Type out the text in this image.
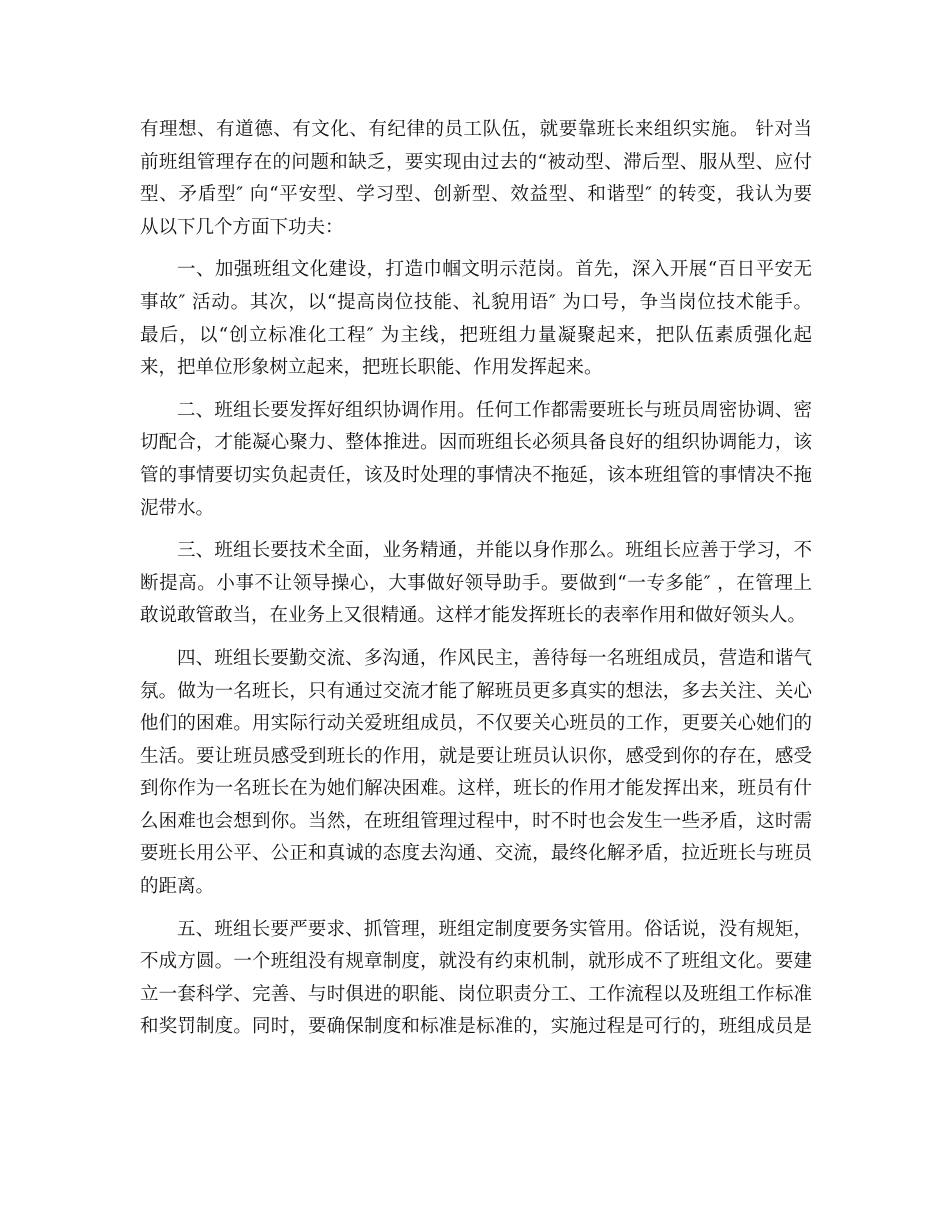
有理想、有道德、有文化、有纪律的员工队伍，就要靠班长来组织实施。 针对当
前班组管理存在的问题和缺乏，要实现由过去的“被动型、滞后型、服从型、应付
型、矛盾型″ 向“平安型、学习型、创新型、效益型、和谐型″ 的转变，我认为要
从以下几个方面下功夫：
一、加强班组文化建设，打造巾帼文明示范岗。首先，深入开展“百日平安无
事故″ 活动。其次，以“提高岗位技能、礼貌用语″ 为口号，争当岗位技术能手。
最后，以“创立标准化工程″ 为主线，把班组力量凝聚起来，把队伍素质强化起
来，把单位形象树立起来，把班长职能、作用发挥起来。
二、班组长要发挥好组织协调作用。任何工作都需要班长与班员周密协调、密
切配合，才能凝心聚力、整体推进。因而班组长必须具备良好的组织协调能力，该
管的事情要切实负起责任，该及时处理的事情决不拖延，该本班组管的事情决不拖
泥带水。
三、班组长要技术全面，业务精通，并能以身作那么。班组长应善于学习，不
断提高。小事不让领导操心，大事做好领导助手。要做到“一专多能″ ，在管理上
敢说敢管敢当，在业务上又很精通。这样才能发挥班长的表率作用和做好领头人。
四、班组长要勤交流、多沟通，作风民主，善待每一名班组成员，营造和谐气
氛。做为一名班长，只有通过交流才能了解班员更多真实的想法，多去关注、关心
他们的困难。用实际行动关爱班组成员，不仅要关心班员的工作，更要关心她们的
生活。要让班员感受到班长的作用，就是要让班员认识你，感受到你的存在，感受
到你作为一名班长在为她们解决困难。这样，班长的作用才能发挥出来，班员有什
么困难也会想到你。当然，在班组管理过程中，时不时也会发生一些矛盾，这时需
要班长用公平、公正和真诚的态度去沟通、交流，最终化解矛盾，拉近班长与班员
的距离。
五、班组长要严要求、抓管理，班组定制度要务实管用。俗话说，没有规矩，
不成方圆。一个班组没有规章制度，就没有约束机制，就形成不了班组文化。要建
立一套科学、完善、与时俱进的职能、岗位职责分工、工作流程以及班组工作标准
和奖罚制度。同时，要确保制度和标准是标准的，实施过程是可行的，班组成员是
